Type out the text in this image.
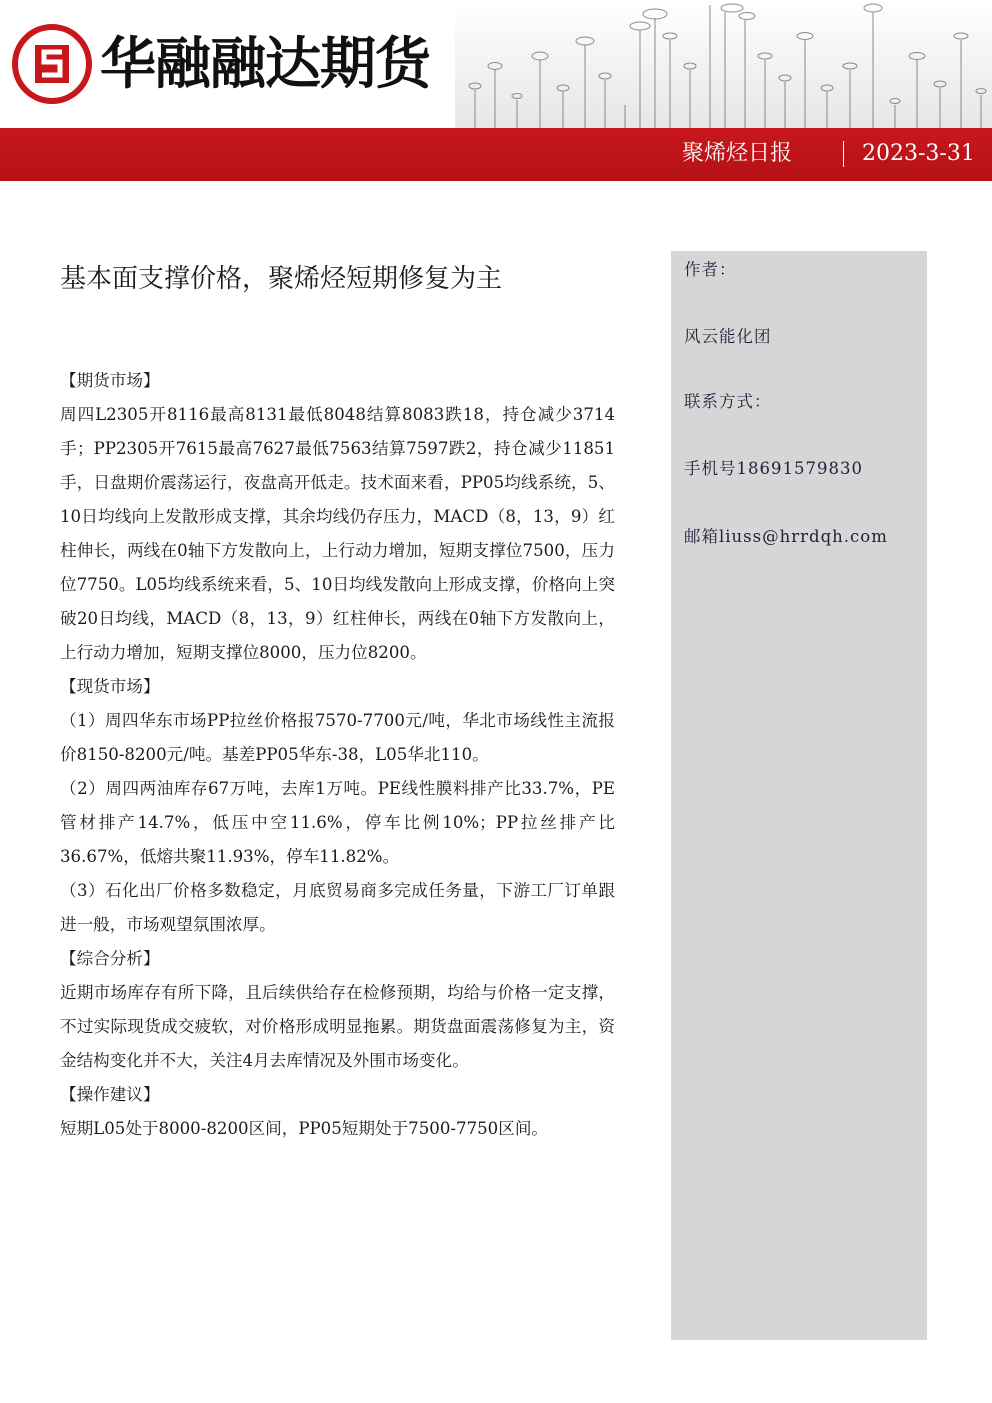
华融融达期货
聚烯烃日报	2023-3-31
基本面支撑价格，聚烯烃短期修复为主

【期货市场】

周四L2305开8116最高8131最低8048结算8083跌18，持仓减少3714手；PP2305开7615最高7627最低7563结算7597跌2，持仓减少11851手，日盘期价震荡运行，夜盘高开低走。技术面来看，PP05均线系统，5、10日均线向上发散形成支撑，其余均线仍存压力，MACD（8，13，9）红柱伸长，两线在0轴下方发散向上，上行动力增加，短期支撑位7500，压力位7750。L05均线系统来看，5、10日均线发散向上形成支撑，价格向上突破20日均线，MACD（8，13，9）红柱伸长，两线在0轴下方发散向上，上行动力增加，短期支撑位8000，压力位8200。

【现货市场】

（1）周四华东市场PP拉丝价格报7570-7700元/吨，华北市场线性主流报价8150-8200元/吨。基差PP05华东-38，L05华北110。

（2）周四两油库存67万吨，去库1万吨。PE线性膜料排产比33.7%，PE管材排产14.7%，低压中空11.6%，停车比例10%；PP拉丝排产比36.67%，低熔共聚11.93%，停车11.82%。

（3）石化出厂价格多数稳定，月底贸易商多完成任务量，下游工厂订单跟进一般，市场观望氛围浓厚。

【综合分析】

近期市场库存有所下降，且后续供给存在检修预期，均给与价格一定支撑，不过实际现货成交疲软，对价格形成明显拖累。期货盘面震荡修复为主，资金结构变化并不大，关注4月去库情况及外围市场变化。

【操作建议】

短期L05处于8000-8200区间，PP05短期处于7500-7750区间。

作者：
风云能化团
联系方式：
手机号18691579830
邮箱liuss@hrrdqh.com
